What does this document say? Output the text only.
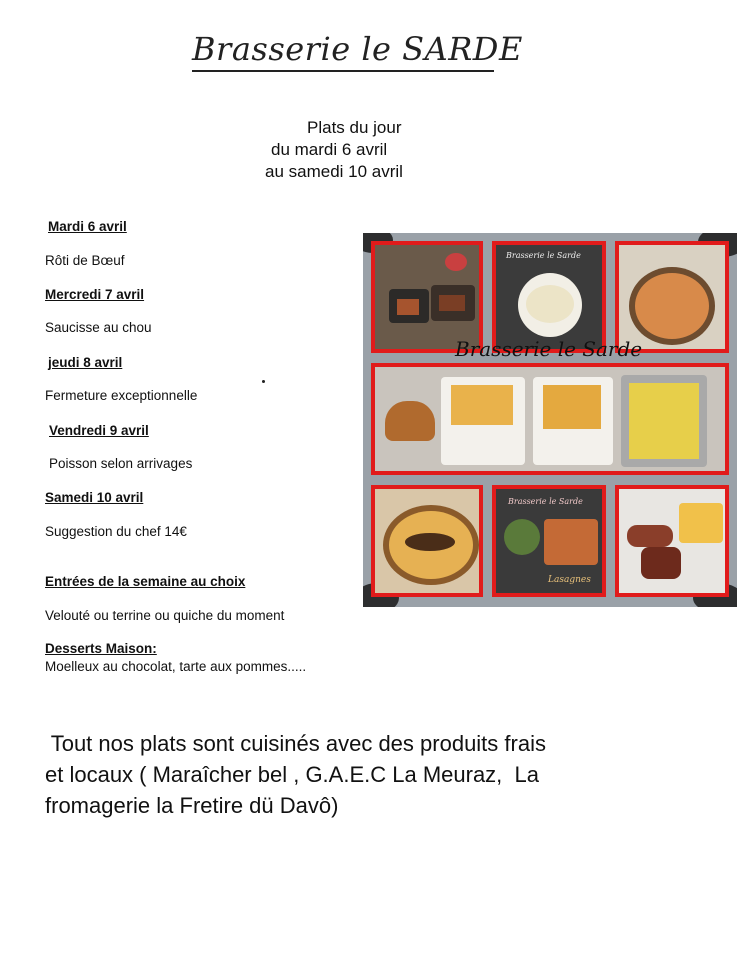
Brasserie le SARDE
Plats du jour
du mardi 6 avril
au samedi 10 avril
Mardi 6 avril
Rôti de Bœuf
Mercredi 7 avril
Saucisse au chou
jeudi 8 avril
Fermeture exceptionnelle
Vendredi 9 avril
Poisson selon arrivages
Samedi 10 avril
Suggestion du chef 14€
Entrées de la semaine au choix
Velouté ou terrine ou quiche du moment
Desserts Maison:
Moelleux au chocolat, tarte aux pommes.....
Brasserie le Sarde
Brasserie le Sarde
Brasserie le Sarde
Lasagnes
Tout nos plats sont cuisinés avec des produits frais
et locaux ( Maraîcher bel , G.A.E.C La Meuraz,  La
fromagerie la Fretire dü Davô)
